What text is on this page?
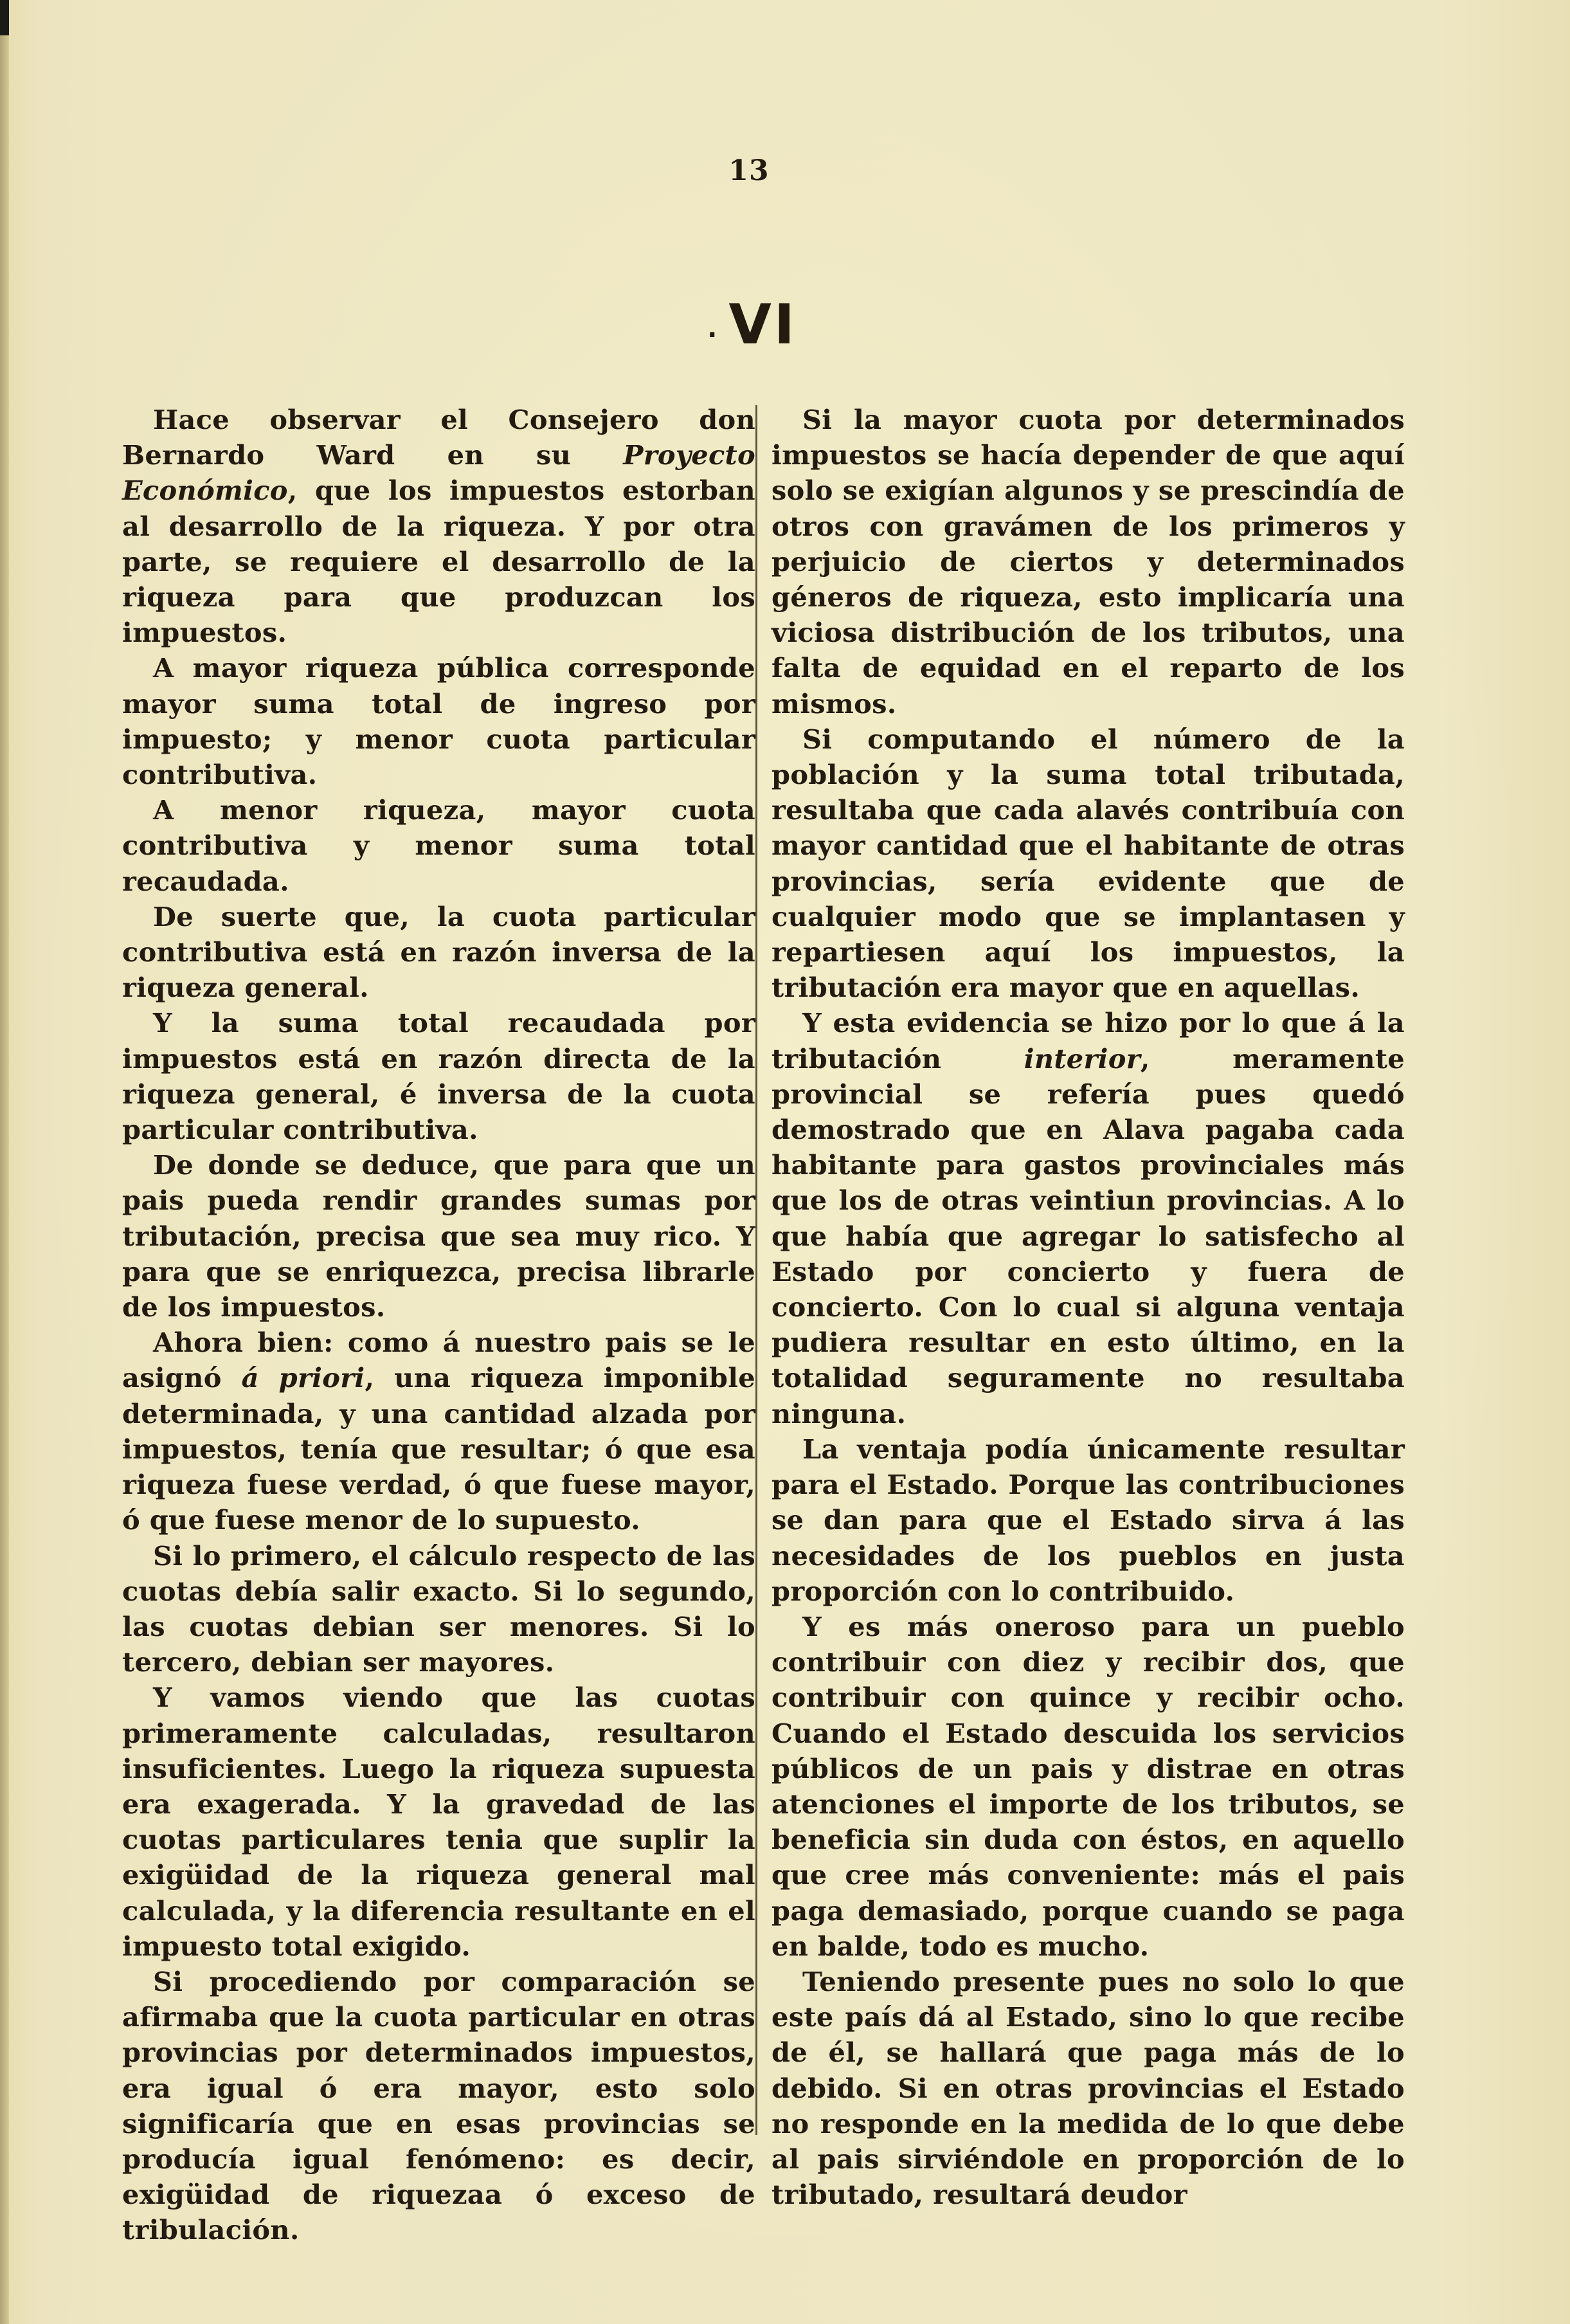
13
. VI

Hace observar el Consejero don Bernardo Ward en su Proyecto Económico, que los impuestos estorban al desarrollo de la riqueza. Y por otra parte, se requiere el desarrollo de la riqueza para que produzcan los impuestos.

A mayor riqueza pública corresponde mayor suma total de ingreso por impuesto; y menor cuota particular contributiva.

A menor riqueza, mayor cuota contributiva y menor suma total recaudada.

De suerte que, la cuota particular contributiva está en razón inversa de la riqueza general.

Y la suma total recaudada por impuestos está en razón directa de la riqueza general, é inversa de la cuota particular contributiva.

De donde se deduce, que para que un pais pueda rendir grandes sumas por tributación, precisa que sea muy rico. Y para que se enriquezca, precisa librarle de los impuestos.

Ahora bien: como á nuestro pais se le asignó á priori, una riqueza imponible determinada, y una cantidad alzada por impuestos, tenía que resultar; ó que esa riqueza fuese verdad, ó que fuese mayor, ó que fuese menor de lo supuesto.

Si lo primero, el cálculo respecto de las cuotas debía salir exacto. Si lo segundo, las cuotas debian ser menores. Si lo tercero, debian ser mayores.

Y vamos viendo que las cuotas primeramente calculadas, resultaron insuficientes. Luego la riqueza supuesta era exagerada. Y la gravedad de las cuotas particulares tenia que suplir la exigüidad de la riqueza general mal calculada, y la diferencia resultante en el impuesto total exigido.

Si procediendo por comparación se afirmaba que la cuota particular en otras provincias por determinados impuestos, era igual ó era mayor, esto solo significaría que en esas provincias se producía igual fenómeno: es decir, exigüidad de riquezaa ó exceso de tribulación.

Si la mayor cuota por determinados impuestos se hacía depender de que aquí solo se exigían algunos y se prescindía de otros con gravámen de los primeros y perjuicio de ciertos y determinados géneros de riqueza, esto implicaría una viciosa distribución de los tributos, una falta de equidad en el reparto de los mismos.

Si computando el número de la población y la suma total tributada, resultaba que cada alavés contribuía con mayor cantidad que el habitante de otras provincias, sería evidente que de cualquier modo que se implantasen y repartiesen aquí los impuestos, la tributación era mayor que en aquellas.

Y esta evidencia se hizo por lo que á la tributación interior, meramente provincial se refería pues quedó demostrado que en Alava pagaba cada habitante para gastos provinciales más que los de otras veintiun provincias. A lo que había que agregar lo satisfecho al Estado por concierto y fuera de concierto. Con lo cual si alguna ventaja pudiera resultar en esto último, en la totalidad seguramente no resultaba ninguna.

La ventaja podía únicamente resultar para el Estado. Porque las contribuciones se dan para que el Estado sirva á las necesidades de los pueblos en justa proporción con lo contribuido.

Y es más oneroso para un pueblo contribuir con diez y recibir dos, que contribuir con quince y recibir ocho. Cuando el Estado descuida los servicios públicos de un pais y distrae en otras atenciones el importe de los tributos, se beneficia sin duda con éstos, en aquello que cree más conveniente: más el pais paga demasiado, porque cuando se paga en balde, todo es mucho.

Teniendo presente pues no solo lo que este país dá al Estado, sino lo que recibe de él, se hallará que paga más de lo debido. Si en otras provincias el Estado no responde en la medida de lo que debe al pais sirviéndole en proporción de lo tributado, resultará deudor
